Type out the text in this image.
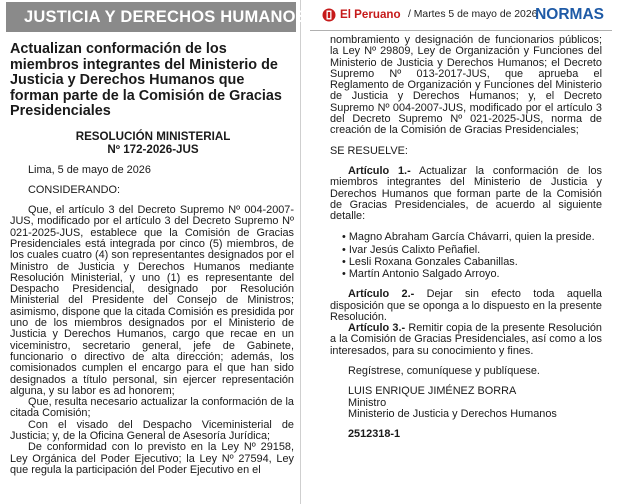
JUSTICIA Y DERECHOS HUMANOS
Actualizan conformación de los miembros integrantes del Ministerio de Justicia y Derechos Humanos que forman parte de la Comisión de Gracias Presidenciales
RESOLUCIÓN MINISTERIAL
Nº 172-2026-JUS

Lima, 5 de mayo de 2026

CONSIDERANDO:

Que, el artículo 3 del Decreto Supremo Nº 004-2007-JUS, modificado por el artículo 3 del Decreto Supremo Nº 021-2025-JUS, establece que la Comisión de Gracias Presidenciales está integrada por cinco (5) miembros, de los cuales cuatro (4) son representantes designados por el Ministro de Justicia y Derechos Humanos mediante Resolución Ministerial, y uno (1) es representante del Despacho Presidencial, designado por Resolución Ministerial del Presidente del Consejo de Ministros; asimismo, dispone que la citada Comisión es presidida por uno de los miembros designados por el Ministerio de Justicia y Derechos Humanos, cargo que recae en un viceministro, secretario general, jefe de Gabinete, funcionario o directivo de alta dirección; además, los comisionados cumplen el encargo para el que han sido designados a título personal, sin ejercer representación alguna, y su labor es ad honorem;

Que, resulta necesario actualizar la conformación de la citada Comisión;

Con el visado del Despacho Viceministerial de Justicia; y, de la Oficina General de Asesoría Jurídica;

De conformidad con lo previsto en la Ley Nº 29158, Ley Orgánica del Poder Ejecutivo; la Ley Nº 27594, Ley que regula la participación del Poder Ejecutivo en el

El Peruano / Martes 5 de mayo de 2026
NORMAS

nombramiento y designación de funcionarios públicos; la Ley Nº 29809, Ley de Organización y Funciones del Ministerio de Justicia y Derechos Humanos; el Decreto Supremo Nº 013-2017-JUS, que aprueba el Reglamento de Organización y Funciones del Ministerio de Justicia y Derechos Humanos; y, el Decreto Supremo Nº 004-2007-JUS, modificado por el artículo 3 del Decreto Supremo Nº 021-2025-JUS, norma de creación de la Comisión de Gracias Presidenciales;

SE RESUELVE:

Artículo 1.- Actualizar la conformación de los miembros integrantes del Ministerio de Justicia y Derechos Humanos que forman parte de la Comisión de Gracias Presidenciales, de acuerdo al siguiente detalle:

• Magno Abraham García Chávarri, quien la preside.
• Ivar Jesús Calixto Peñafiel.
• Lesli Roxana Gonzales Cabanillas.
• Martín Antonio Salgado Arroyo.

Artículo 2.- Dejar sin efecto toda aquella disposición que se oponga a lo dispuesto en la presente Resolución.

Artículo 3.- Remitir copia de la presente Resolución a la Comisión de Gracias Presidenciales, así como a los interesados, para su conocimiento y fines.

Regístrese, comuníquese y publíquese.

LUIS ENRIQUE JIMÉNEZ BORRA

Ministro

Ministerio de Justicia y Derechos Humanos

2512318-1
